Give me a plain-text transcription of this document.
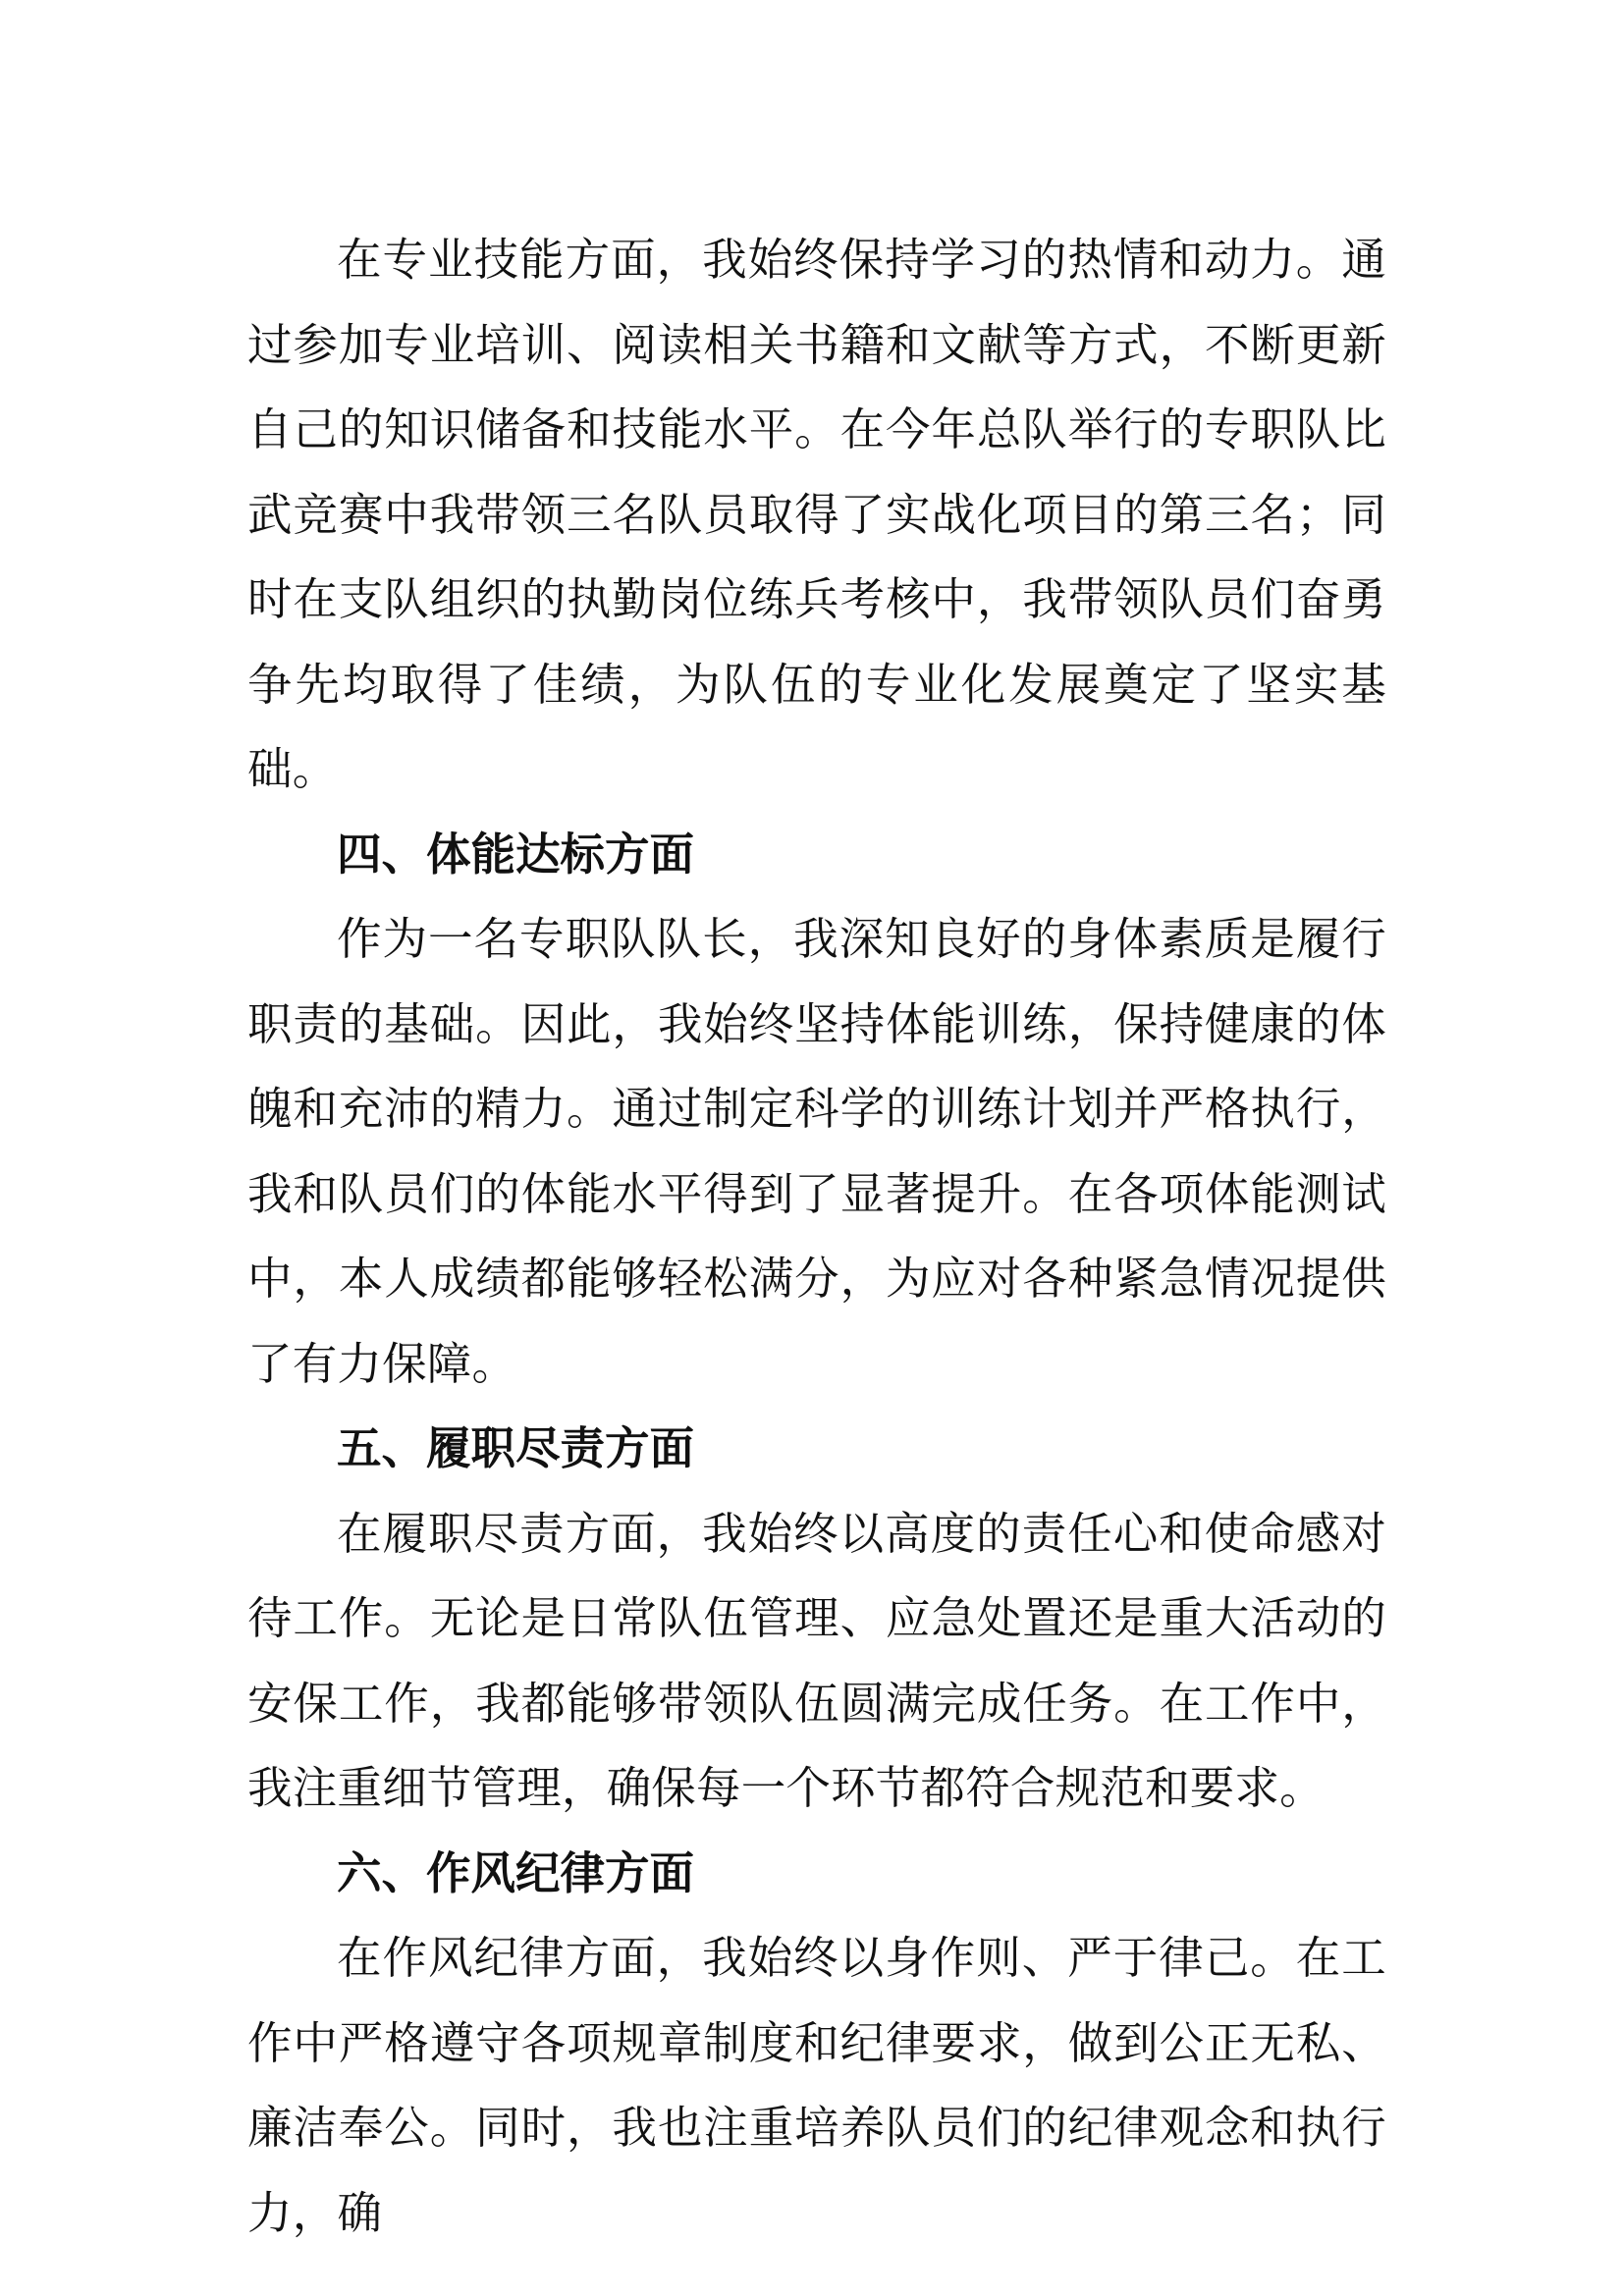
在专业技能方面，我始终保持学习的热情和动力。通过参加专业培训、阅读相关书籍和文献等方式，不断更新自己的知识储备和技能水平。在今年总队举行的专职队比武竞赛中我带领三名队员取得了实战化项目的第三名；同时在支队组织的执勤岗位练兵考核中，我带领队员们奋勇争先均取得了佳绩，为队伍的专业化发展奠定了坚实基础。

四、体能达标方面

作为一名专职队队长，我深知良好的身体素质是履行职责的基础。因此，我始终坚持体能训练，保持健康的体魄和充沛的精力。通过制定科学的训练计划并严格执行，我和队员们的体能水平得到了显著提升。在各项体能测试中，本人成绩都能够轻松满分，为应对各种紧急情况提供了有力保障。

五、履职尽责方面

在履职尽责方面，我始终以高度的责任心和使命感对待工作。无论是日常队伍管理、应急处置还是重大活动的安保工作，我都能够带领队伍圆满完成任务。在工作中，我注重细节管理，确保每一个环节都符合规范和要求。

六、作风纪律方面

在作风纪律方面，我始终以身作则、严于律己。在工作中严格遵守各项规章制度和纪律要求，做到公正无私、廉洁奉公。同时，我也注重培养队员们的纪律观念和执行力，确
